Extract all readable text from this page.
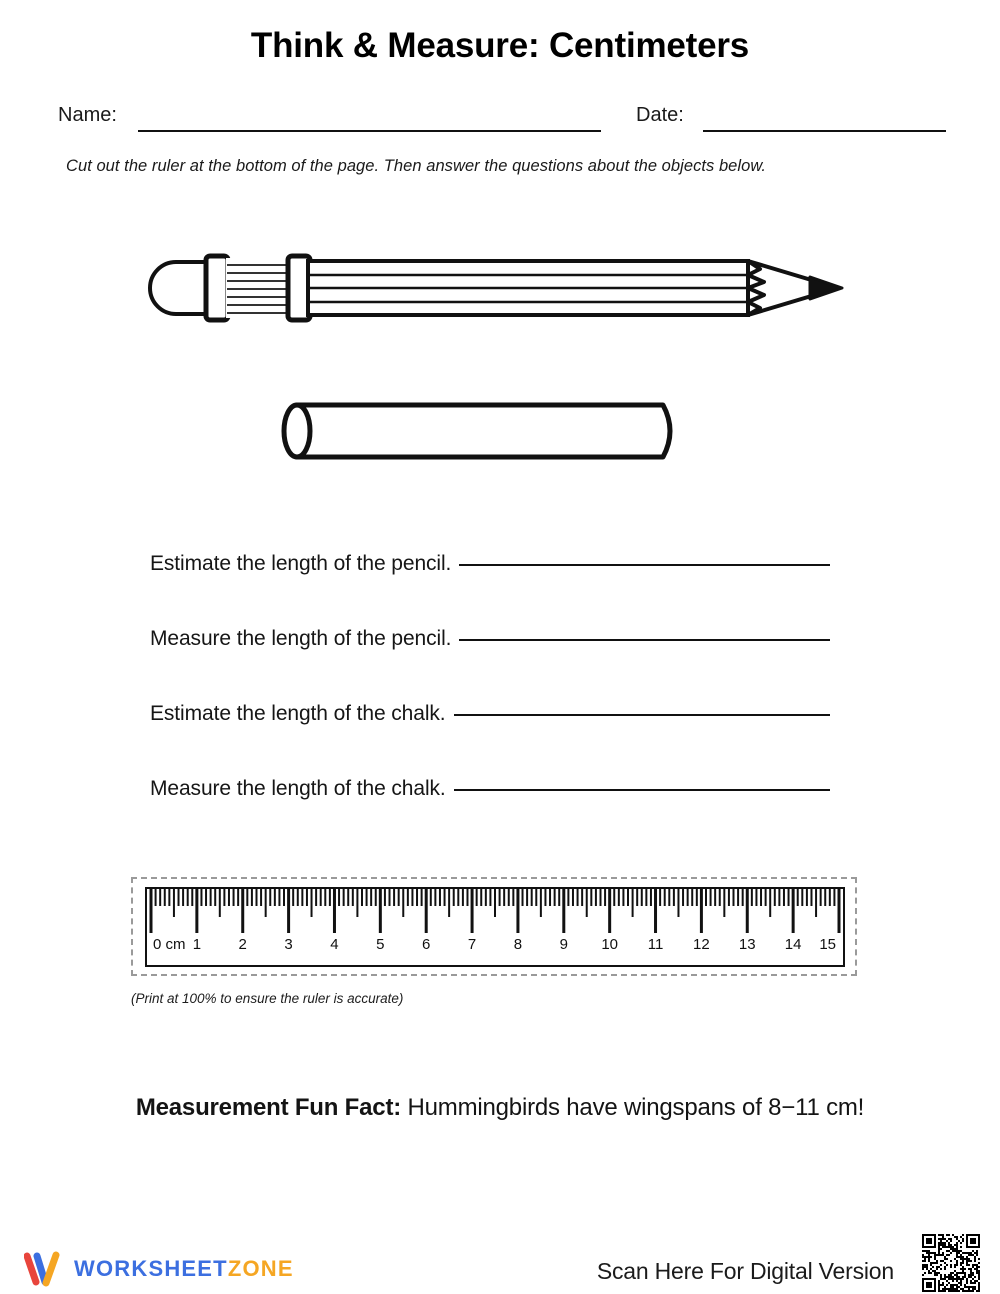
Think & Measure: Centimeters
Name:	Date:
Cut out the ruler at the bottom of the page. Then answer the questions about the objects below.
Estimate the length of the pencil.
Measure the length of the pencil.
Estimate the length of the chalk.
Measure the length of the chalk.
0 cm 1	2	3	4	5	6	7	8	9 10 11 12 13 14 15
(Print at 100% to ensure the ruler is accurate)
Measurement Fun Fact: Hummingbirds have wingspans of 8−11 cm!
WORKSHEETZONE	Scan Here For Digital Version
